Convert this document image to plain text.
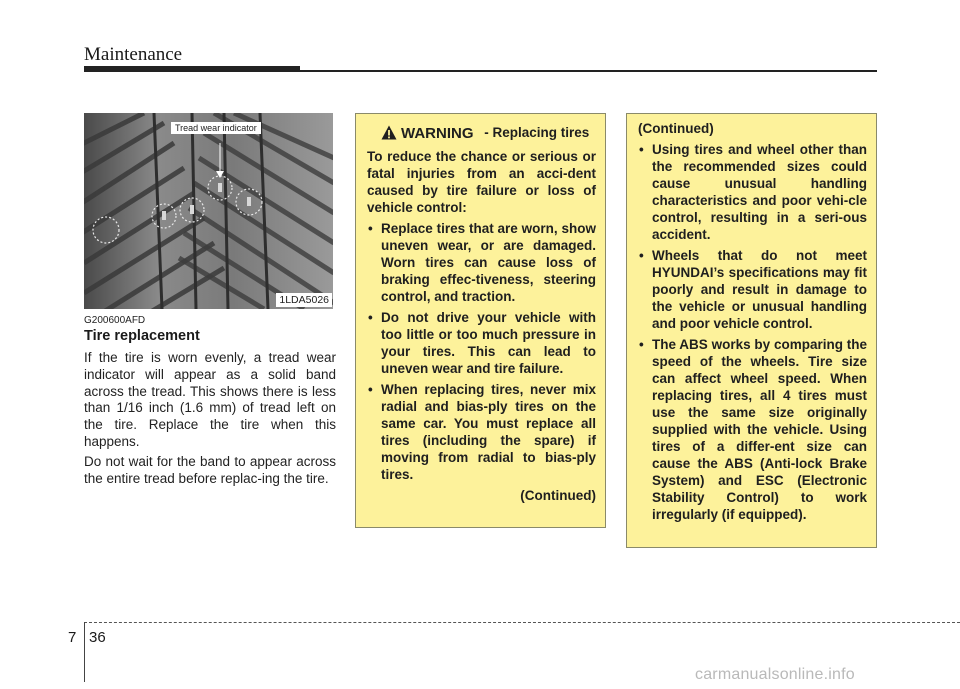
Maintenance
Tread wear indicator
1LDA5026
G200600AFD
Tire replacement

If the tire is worn evenly, a tread wear indicator will appear as a solid band across the tread. This shows there is less than 1/16 inch (1.6 mm) of tread left on the tire. Replace the tire when this happens.

Do not wait for the band to appear across the entire tread before replac-ing the tire.

WARNING - Replacing tires

To reduce the chance or serious or fatal injuries from an acci-dent caused by tire failure or loss of vehicle control:

• Replace tires that are worn, show uneven wear, or are damaged. Worn tires can cause loss of braking effec-tiveness, steering control, and traction.
• Do not drive your vehicle with too little or too much pressure in your tires. This can lead to uneven wear and tire failure.
• When replacing tires, never mix radial and bias-ply tires on the same car. You must replace all tires (including the spare) if moving from radial to bias-ply tires.
(Continued)
(Continued)
• Using tires and wheel other than the recommended sizes could cause unusual handling characteristics and poor vehi-cle control, resulting in a seri-ous accident.
• Wheels that do not meet HYUNDAI’s specifications may fit poorly and result in damage to the vehicle or unusual handling and poor vehicle control.
• The ABS works by comparing the speed of the wheels. Tire size can affect wheel speed. When replacing tires, all 4 tires must use the same size originally supplied with the vehicle. Using tires of a differ-ent size can cause the ABS (Anti-lock Brake System) and ESC (Electronic Stability Control) to work irregularly (if equipped).
7 36
carmanualsonline.info
